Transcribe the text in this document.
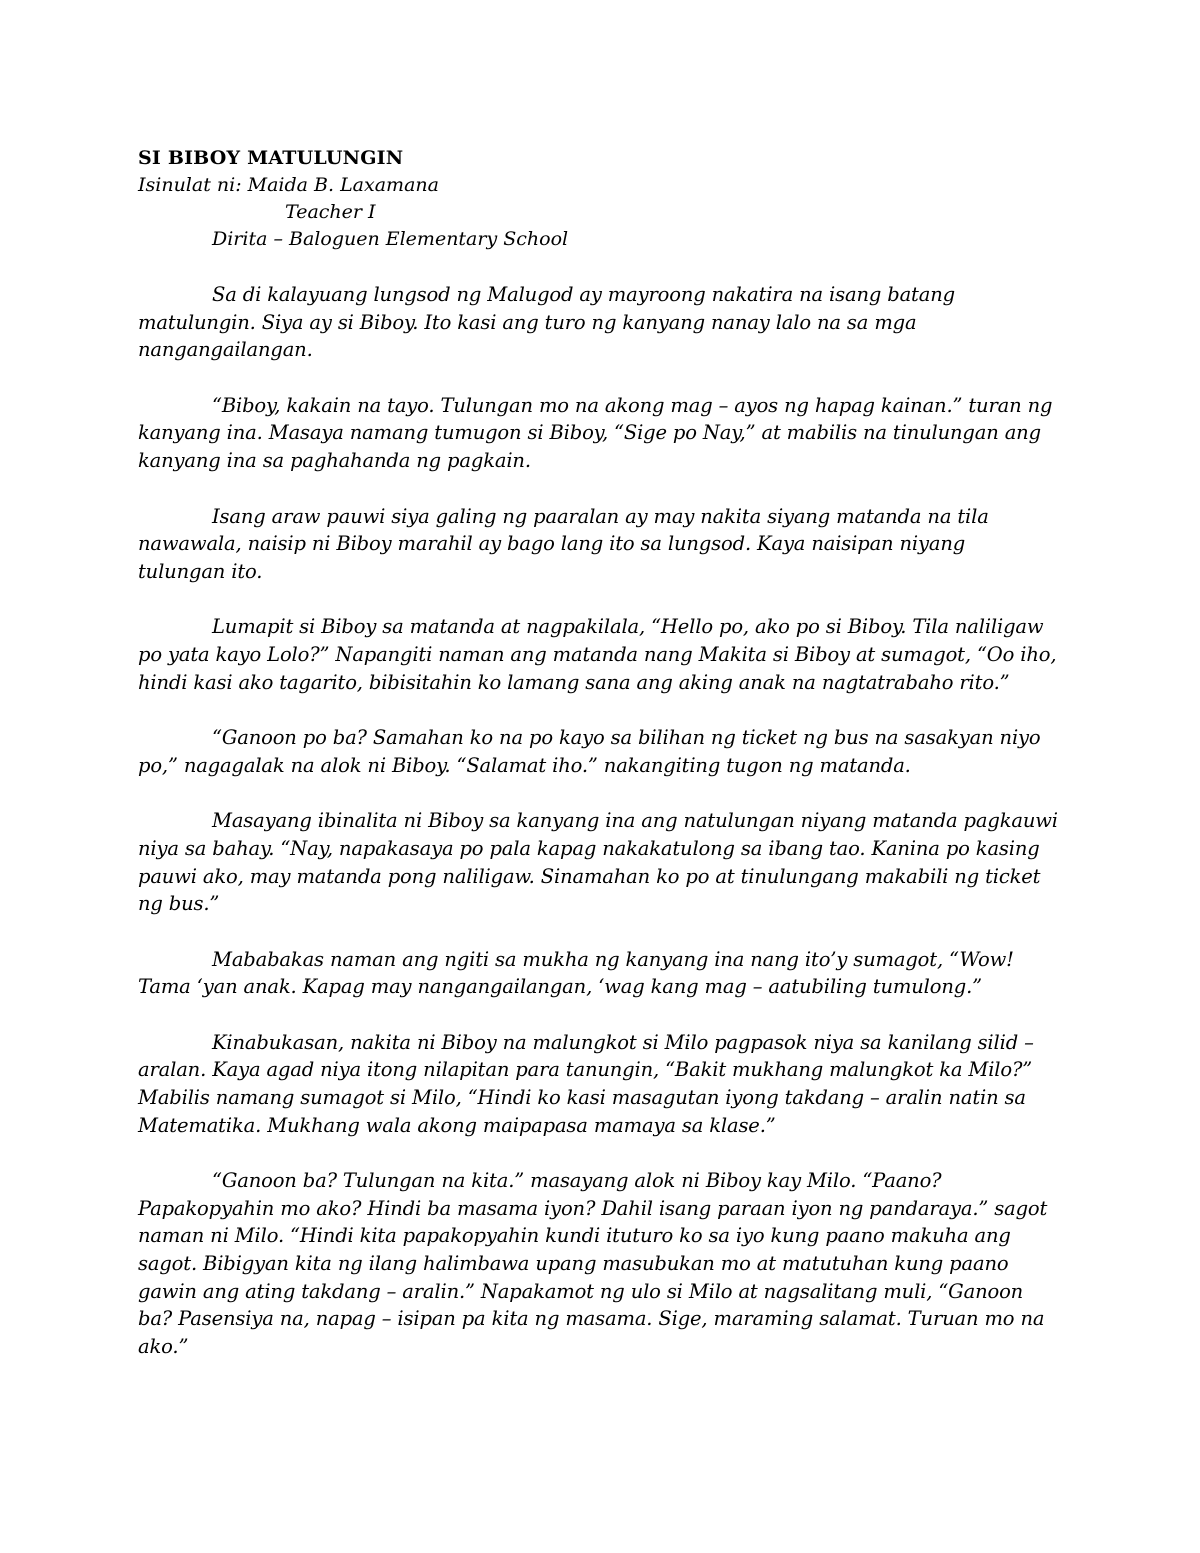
SI BIBOY MATULUNGIN

Isinulat ni: Maida B. Laxamana

Teacher I

Dirita – Baloguen Elementary School

Sa di kalayuang lungsod ng Malugod ay mayroong nakatira na isang batang matulungin. Siya ay si Biboy. Ito kasi ang turo ng kanyang nanay lalo na sa mga nangangailangan.

“Biboy, kakain na tayo. Tulungan mo na akong mag – ayos ng hapag kainan.” turan ng kanyang ina. Masaya namang tumugon si Biboy, “Sige po Nay,” at mabilis na tinulungan ang kanyang ina sa paghahanda ng pagkain.

Isang araw pauwi siya galing ng paaralan ay may nakita siyang matanda na tila nawawala, naisip ni Biboy marahil ay bago lang ito sa lungsod. Kaya naisipan niyang tulungan ito.

Lumapit si Biboy sa matanda at nagpakilala, “Hello po, ako po si Biboy. Tila naliligaw po yata kayo Lolo?” Napangiti naman ang matanda nang Makita si Biboy at sumagot, “Oo iho, hindi kasi ako tagarito, bibisitahin ko lamang sana ang aking anak na nagtatrabaho rito.”

“Ganoon po ba? Samahan ko na po kayo sa bilihan ng ticket ng bus na sasakyan niyo po,” nagagalak na alok ni Biboy. “Salamat iho.” nakangiting tugon ng matanda.

Masayang ibinalita ni Biboy sa kanyang ina ang natulungan niyang matanda pagkauwi niya sa bahay. “Nay, napakasaya po pala kapag nakakatulong sa ibang tao. Kanina po kasing pauwi ako, may matanda pong naliligaw. Sinamahan ko po at tinulungang makabili ng ticket ng bus.”

Mababakas naman ang ngiti sa mukha ng kanyang ina nang ito’y sumagot, “Wow! Tama ‘yan anak. Kapag may nangangailangan, ‘wag kang mag – aatubiling tumulong.”

Kinabukasan, nakita ni Biboy na malungkot si Milo pagpasok niya sa kanilang silid – aralan. Kaya agad niya itong nilapitan para tanungin, “Bakit mukhang malungkot ka Milo?” Mabilis namang sumagot si Milo, “Hindi ko kasi masagutan iyong takdang – aralin natin sa Matematika. Mukhang wala akong maipapasa mamaya sa klase.”

“Ganoon ba? Tulungan na kita.” masayang alok ni Biboy kay Milo. “Paano? Papakopyahin mo ako? Hindi ba masama iyon? Dahil isang paraan iyon ng pandaraya.” sagot naman ni Milo. “Hindi kita papakopyahin kundi ituturo ko sa iyo kung paano makuha ang sagot. Bibigyan kita ng ilang halimbawa upang masubukan mo at matutuhan kung paano gawin ang ating takdang – aralin.” Napakamot ng ulo si Milo at nagsalitang muli, “Ganoon ba? Pasensiya na, napag – isipan pa kita ng masama. Sige, maraming salamat. Turuan mo na ako.”
